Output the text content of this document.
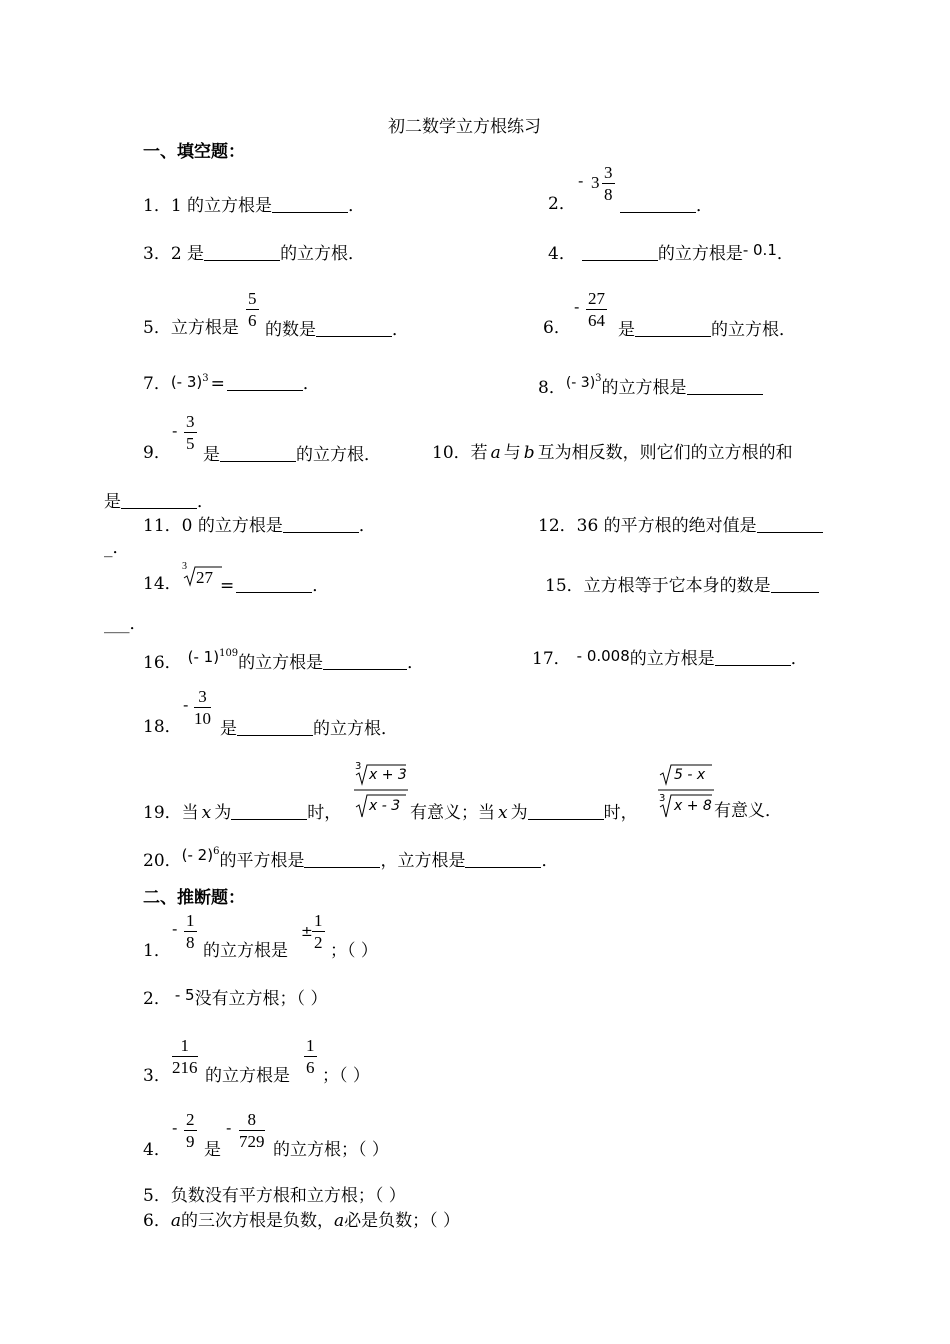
初二数学立方根练习
一、填空题：
1．1 的立方根是	．	2．
- $3 \frac{3}{8}$
．
3．2 是	的立方根．	4．	的立方根是- 0.1．
5．立方根是 $\frac{5}{6}$
的数是	．	6．
- $\frac{27}{64}$
是	的立方根．
7．(- 3)$^3$ =	．	8．$^{(- 3)3}$的立方根是
9．
- $\frac{3}{5}$
是	的立方根．	10．若 a 与 b 互为相反数，则它们的立方根的和
是	．
11．0 的立方根是	．	12．36 的平方根的绝对值是
_．
14．
3
27 =	．	15．立方根等于它本身的数是
___．
16． (- 1)$^{109}$的立方根是	．	17． - 0.008的立方根是	．
18．
- $\frac{3}{10}$
是	的立方根．
19．当 x 为	时，
3
x + 3
x - 3 有意义；当 x 为	时，
3
5 - x
x + 8 有意义．
20．(- 2)$^6$的平方根是	，立方根是	．
二、推断题：
1．
- $\frac{1}{8}$ 的立方根是
± $\frac{1}{2}$ ；（ ）
2． - 5没有立方根；（ ）
3． $\frac{1}{216}$ 的立方根是 $\frac{1}{6}$ ；（ ）
4．
- $\frac{2}{9}$ 是
- $\frac{8}{729}$ 的立方根；（ ）
5．负数没有平方根和立方根；（ ）
6．a的三次方根是负数，a必是负数；（ ）
